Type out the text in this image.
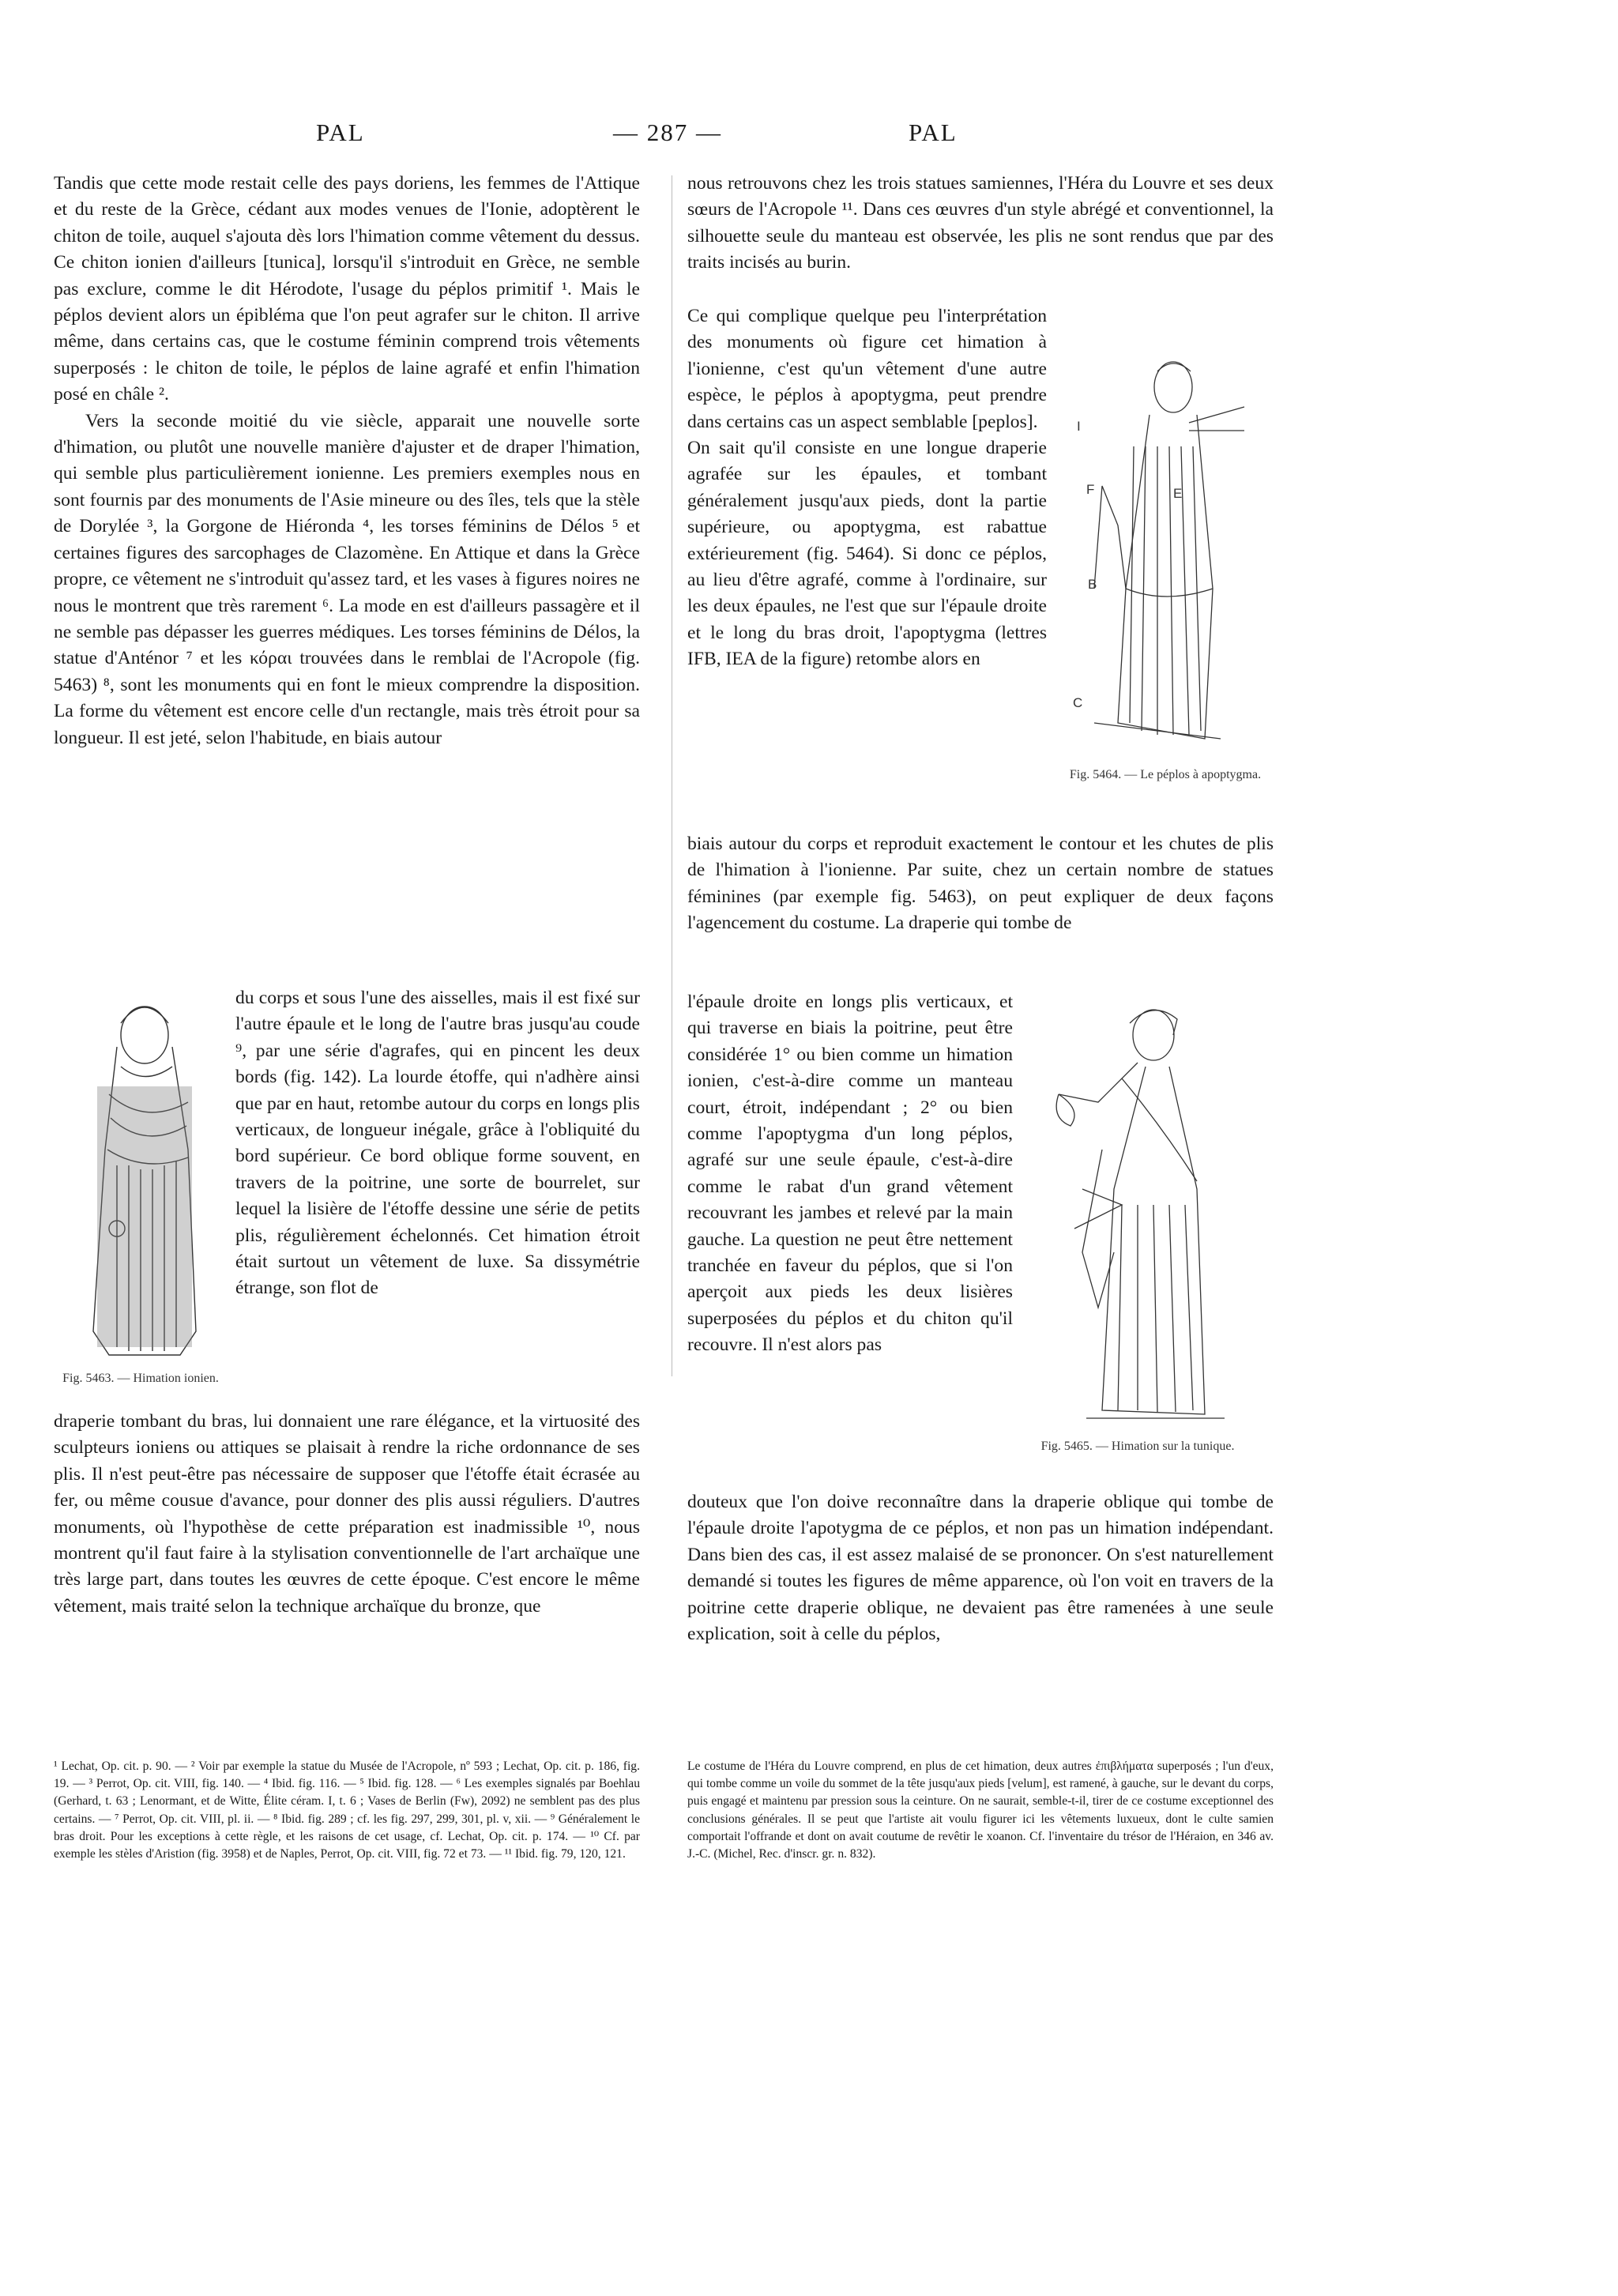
PAL	— 287 —	PAL

Tandis que cette mode restait celle des pays doriens, les femmes de l'Attique et du reste de la Grèce, cédant aux modes venues de l'Ionie, adoptèrent le chiton de toile, auquel s'ajouta dès lors l'himation comme vêtement du dessus. Ce chiton ionien d'ailleurs [tunica], lorsqu'il s'introduit en Grèce, ne semble pas exclure, comme le dit Hérodote, l'usage du péplos primitif ¹. Mais le péplos devient alors un épibléma que l'on peut agrafer sur le chiton. Il arrive même, dans certains cas, que le costume féminin comprend trois vêtements superposés : le chiton de toile, le péplos de laine agrafé et enfin l'himation posé en châle ².

Vers la seconde moitié du vie siècle, apparait une nouvelle sorte d'himation, ou plutôt une nouvelle manière d'ajuster et de draper l'himation, qui semble plus particulièrement ionienne. Les premiers exemples nous en sont fournis par des monuments de l'Asie mineure ou des îles, tels que la stèle de Dorylée ³, la Gorgone de Hiéronda ⁴, les torses féminins de Délos ⁵ et certaines figures des sarcophages de Clazomène. En Attique et dans la Grèce propre, ce vêtement ne s'introduit qu'assez tard, et les vases à figures noires ne nous le montrent que très rarement ⁶. La mode en est d'ailleurs passagère et il ne semble pas dépasser les guerres médiques. Les torses féminins de Délos, la statue d'Anténor ⁷ et les κόραι trouvées dans le remblai de l'Acropole (fig. 5463) ⁸, sont les monuments qui en font le mieux comprendre la disposition. La forme du vêtement est encore celle d'un rectangle, mais très étroit pour sa longueur. Il est jeté, selon l'habitude, en biais autour

Fig. 5463. — Himation ionien.

du corps et sous l'une des aisselles, mais il est fixé sur l'autre épaule et le long de l'autre bras jusqu'au coude ⁹, par une série d'agrafes, qui en pincent les deux bords (fig. 142). La lourde étoffe, qui n'adhère ainsi que par en haut, retombe autour du corps en longs plis verticaux, de longueur inégale, grâce à l'obliquité du bord supérieur. Ce bord oblique forme souvent, en travers de la poitrine, une sorte de bourrelet, sur lequel la lisière de l'étoffe dessine une série de petits plis, régulièrement échelonnés. Cet himation étroit était surtout un vêtement de luxe. Sa dissymétrie étrange, son flot de

draperie tombant du bras, lui donnaient une rare élégance, et la virtuosité des sculpteurs ioniens ou attiques se plaisait à rendre la riche ordonnance de ses plis. Il n'est peut-être pas nécessaire de supposer que l'étoffe était écrasée au fer, ou même cousue d'avance, pour donner des plis aussi réguliers. D'autres monuments, où l'hypothèse de cette préparation est inadmissible ¹⁰, nous montrent qu'il faut faire à la stylisation conventionnelle de l'art archaïque une très large part, dans toutes les œuvres de cette époque. C'est encore le même vêtement, mais traité selon la technique archaïque du bronze, que

nous retrouvons chez les trois statues samiennes, l'Héra du Louvre et ses deux sœurs de l'Acropole ¹¹. Dans ces œuvres d'un style abrégé et conventionnel, la silhouette seule du manteau est observée, les plis ne sont rendus que par des traits incisés au burin.

I
F	E
B
C
Fig. 5464. — Le péplos à apoptygma.

Ce qui complique quelque peu l'interprétation des monuments où figure cet himation à l'ionienne, c'est qu'un vêtement d'une autre espèce, le péplos à apoptygma, peut prendre dans certains cas un aspect semblable [peplos].

On sait qu'il consiste en une longue draperie agrafée sur les épaules, et tombant généralement jusqu'aux pieds, dont la partie supérieure, ou apoptygma, est rabattue extérieurement (fig. 5464). Si donc ce péplos, au lieu d'être agrafé, comme à l'ordinaire, sur les deux épaules, ne l'est que sur l'épaule droite et le long du bras droit, l'apoptygma (lettres IFB, IEA de la figure) retombe alors en

biais autour du corps et reproduit exactement le contour et les chutes de plis de l'himation à l'ionienne. Par suite, chez un certain nombre de statues féminines (par exemple fig. 5463), on peut expliquer de deux façons l'agencement du costume. La draperie qui tombe de

Fig. 5465. — Himation sur la tunique.

l'épaule droite en longs plis verticaux, et qui traverse en biais la poitrine, peut être considérée 1° ou bien comme un himation ionien, c'est-à-dire comme un manteau court, étroit, indépendant ; 2° ou bien comme l'apoptygma d'un long péplos, agrafé sur une seule épaule, c'est-à-dire comme le rabat d'un grand vêtement recouvrant les jambes et relevé par la main gauche. La question ne peut être nettement tranchée en faveur du péplos, que si l'on aperçoit aux pieds les deux lisières superposées du péplos et du chiton qu'il recouvre. Il n'est alors pas

douteux que l'on doive reconnaître dans la draperie oblique qui tombe de l'épaule droite l'apotygma de ce péplos, et non pas un himation indépendant. Dans bien des cas, il est assez malaisé de se prononcer. On s'est naturellement demandé si toutes les figures de même apparence, où l'on voit en travers de la poitrine cette draperie oblique, ne devaient pas être ramenées à une seule explication, soit à celle du péplos,

¹ Lechat, Op. cit. p. 90. — ² Voir par exemple la statue du Musée de l'Acropole, nº 593 ; Lechat, Op. cit. p. 186, fig. 19. — ³ Perrot, Op. cit. VIII, fig. 140. — ⁴ Ibid. fig. 116. — ⁵ Ibid. fig. 128. — ⁶ Les exemples signalés par Boehlau (Gerhard, t. 63 ; Lenormant, et de Witte, Élite céram. I, t. 6 ; Vases de Berlin (Fw), 2092) ne semblent pas des plus certains. — ⁷ Perrot, Op. cit. VIII, pl. ii. — ⁸ Ibid. fig. 289 ; cf. les fig. 297, 299, 301, pl. v, xii. — ⁹ Généralement le bras droit. Pour les exceptions à cette règle, et les raisons de cet usage, cf. Lechat, Op. cit. p. 174. — ¹⁰ Cf. par exemple les stèles d'Aristion (fig. 3958) et de Naples, Perrot, Op. cit. VIII, fig. 72 et 73. — ¹¹ Ibid. fig. 79, 120, 121.

Le costume de l'Héra du Louvre comprend, en plus de cet himation, deux autres ἐπιβλήματα superposés ; l'un d'eux, qui tombe comme un voile du sommet de la tête jusqu'aux pieds [velum], est ramené, à gauche, sur le devant du corps, puis engagé et maintenu par pression sous la ceinture. On ne saurait, semble-t-il, tirer de ce costume exceptionnel des conclusions générales. Il se peut que l'artiste ait voulu figurer ici les vêtements luxueux, dont le culte samien comportait l'offrande et dont on avait coutume de revêtir le xoanon. Cf. l'inventaire du trésor de l'Héraion, en 346 av. J.-C. (Michel, Rec. d'inscr. gr. n. 832).
